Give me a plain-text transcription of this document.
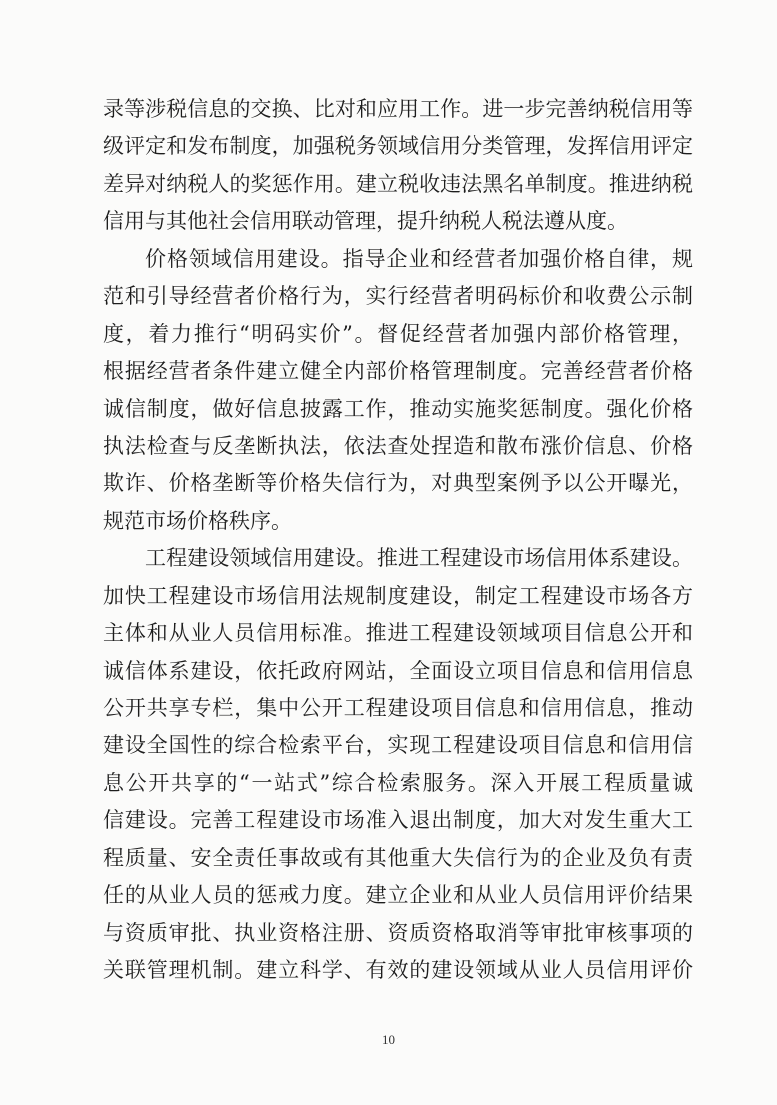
录等涉税信息的交换、比对和应用工作。进一步完善纳税信用等
级评定和发布制度，加强税务领域信用分类管理，发挥信用评定
差异对纳税人的奖惩作用。建立税收违法黑名单制度。推进纳税
信用与其他社会信用联动管理，提升纳税人税法遵从度。
价格领域信用建设。指导企业和经营者加强价格自律，规
范和引导经营者价格行为，实行经营者明码标价和收费公示制
度，着力推行“明码实价”。督促经营者加强内部价格管理，
根据经营者条件建立健全内部价格管理制度。完善经营者价格
诚信制度，做好信息披露工作，推动实施奖惩制度。强化价格
执法检查与反垄断执法，依法查处捏造和散布涨价信息、价格
欺诈、价格垄断等价格失信行为，对典型案例予以公开曝光，
规范市场价格秩序。
工程建设领域信用建设。推进工程建设市场信用体系建设。
加快工程建设市场信用法规制度建设，制定工程建设市场各方
主体和从业人员信用标准。推进工程建设领域项目信息公开和
诚信体系建设，依托政府网站，全面设立项目信息和信用信息
公开共享专栏，集中公开工程建设项目信息和信用信息，推动
建设全国性的综合检索平台，实现工程建设项目信息和信用信
息公开共享的“一站式”综合检索服务。深入开展工程质量诚
信建设。完善工程建设市场准入退出制度，加大对发生重大工
程质量、安全责任事故或有其他重大失信行为的企业及负有责
任的从业人员的惩戒力度。建立企业和从业人员信用评价结果
与资质审批、执业资格注册、资质资格取消等审批审核事项的
关联管理机制。建立科学、有效的建设领域从业人员信用评价
10
